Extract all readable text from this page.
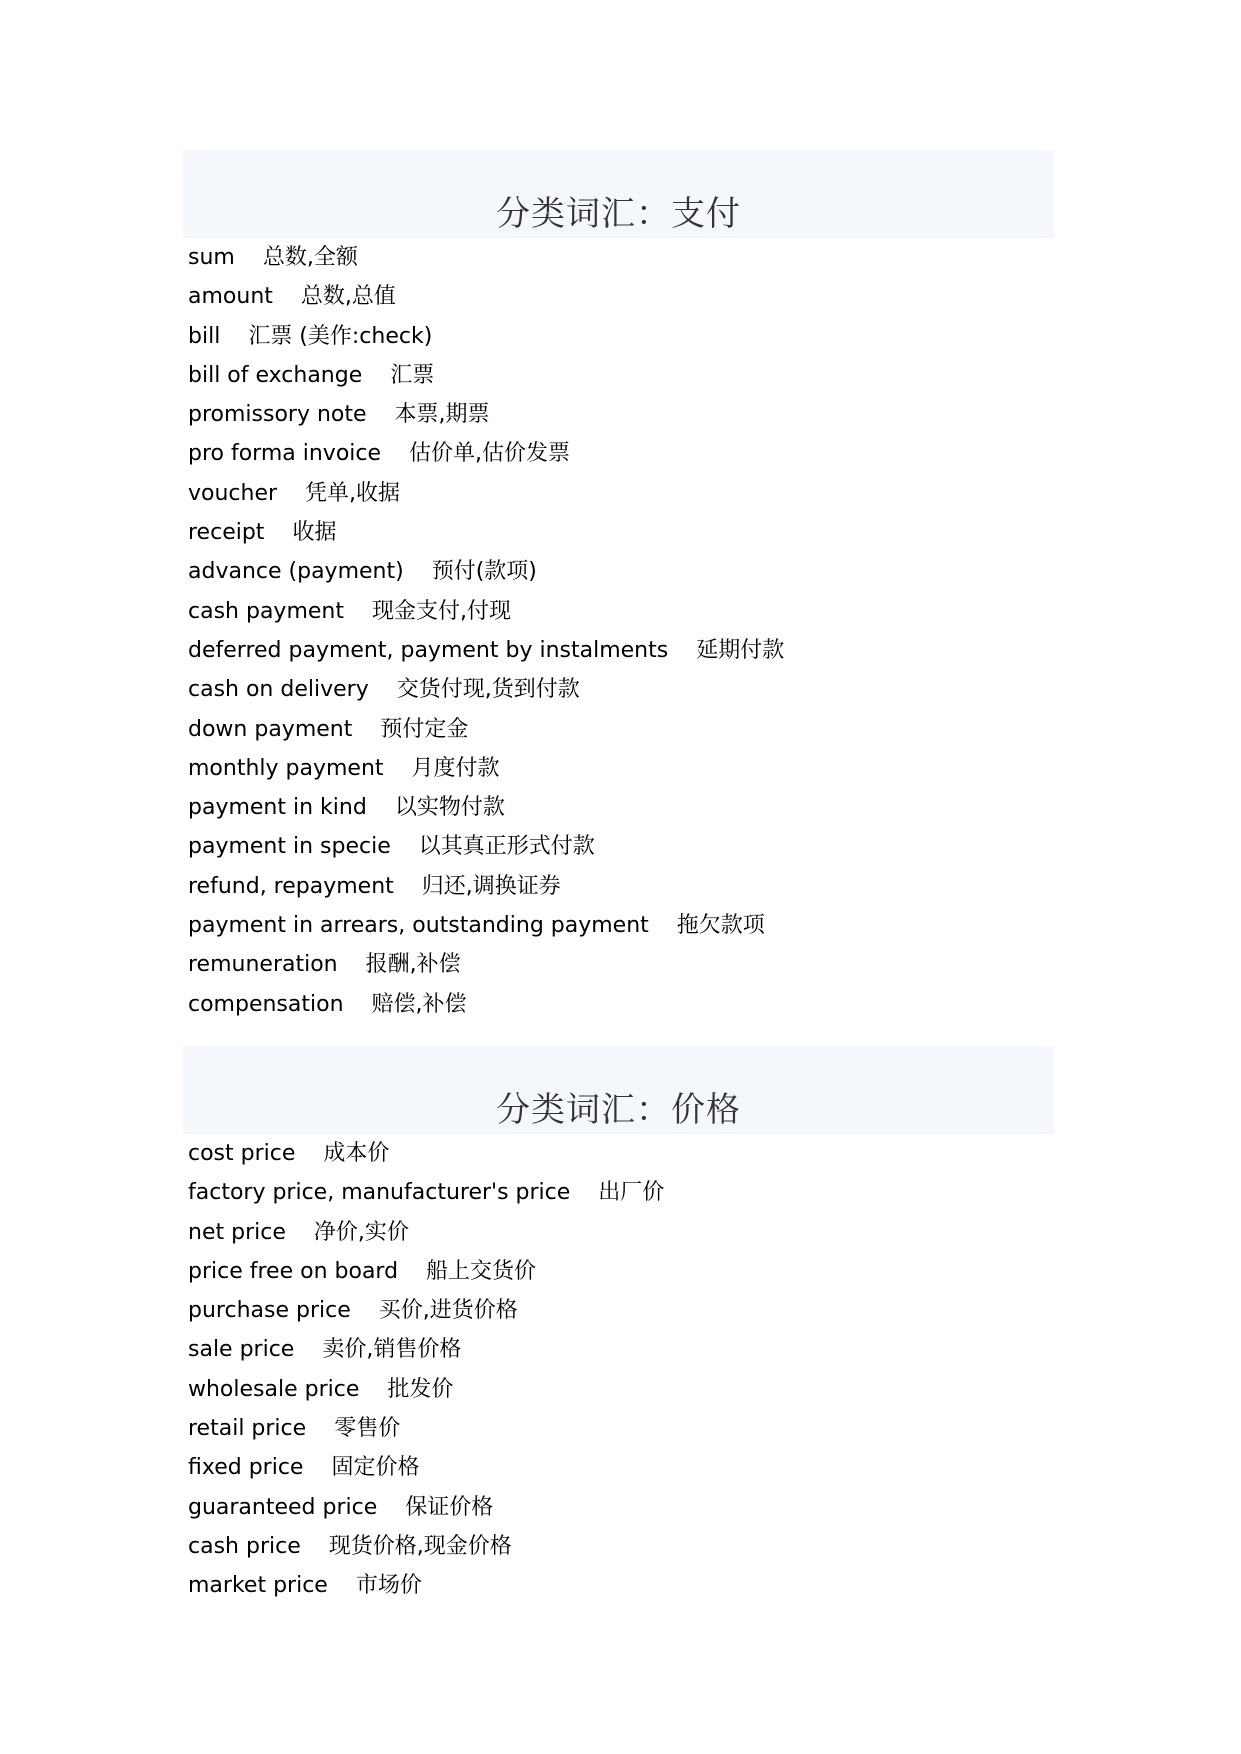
分类词汇：支付
sum 总数,全额
amount 总数,总值
bill 汇票 (美作:check)
bill of exchange 汇票
promissory note 本票,期票
pro forma invoice 估价单,估价发票
voucher 凭单,收据
receipt 收据
advance (payment) 预付(款项)
cash payment 现金支付,付现
deferred payment, payment by instalments 延期付款
cash on delivery 交货付现,货到付款
down payment 预付定金
monthly payment 月度付款
payment in kind 以实物付款
payment in specie 以其真正形式付款
refund, repayment 归还,调换证券
payment in arrears, outstanding payment 拖欠款项
remuneration 报酬,补偿
compensation 赔偿,补偿
分类词汇：价格
cost price 成本价
factory price, manufacturer's price 出厂价
net price 净价,实价
price free on board 船上交货价
purchase price 买价,进货价格
sale price 卖价,销售价格
wholesale price 批发价
retail price 零售价
fixed price 固定价格
guaranteed price 保证价格
cash price 现货价格,现金价格
market price 市场价
